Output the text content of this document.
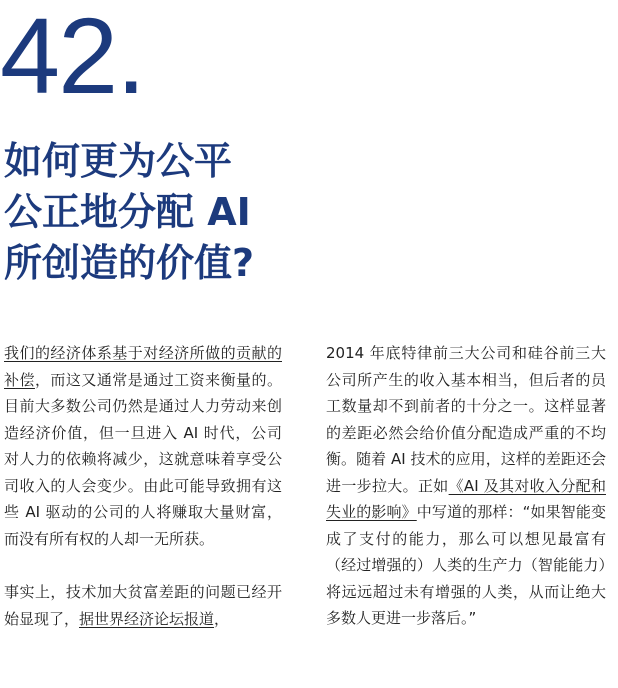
42.
如何更为公平
公正地分配 AI
所创造的价值?

我们的经济体系基于对经济所做的贡献的补偿，而这又通常是通过工资来衡量的。目前大多数公司仍然是通过人力劳动来创造经济价值，但一旦进入 AI 时代，公司对人力的依赖将减少，这就意味着享受公司收入的人会变少。由此可能导致拥有这些 AI 驱动的公司的人将赚取大量财富，而没有所有权的人却一无所获。

事实上，技术加大贫富差距的问题已经开始显现了，据世界经济论坛报道，

2014 年底特律前三大公司和硅谷前三大公司所产生的收入基本相当，但后者的员工数量却不到前者的十分之一。这样显著的差距必然会给价值分配造成严重的不均衡。随着 AI 技术的应用，这样的差距还会进一步拉大。正如《AI 及其对收入分配和失业的影响》中写道的那样：“如果智能变成了支付的能力，那么可以想见最富有（经过增强的）人类的生产力（智能能力）将远远超过未有增强的人类，从而让绝大多数人更进一步落后。”
